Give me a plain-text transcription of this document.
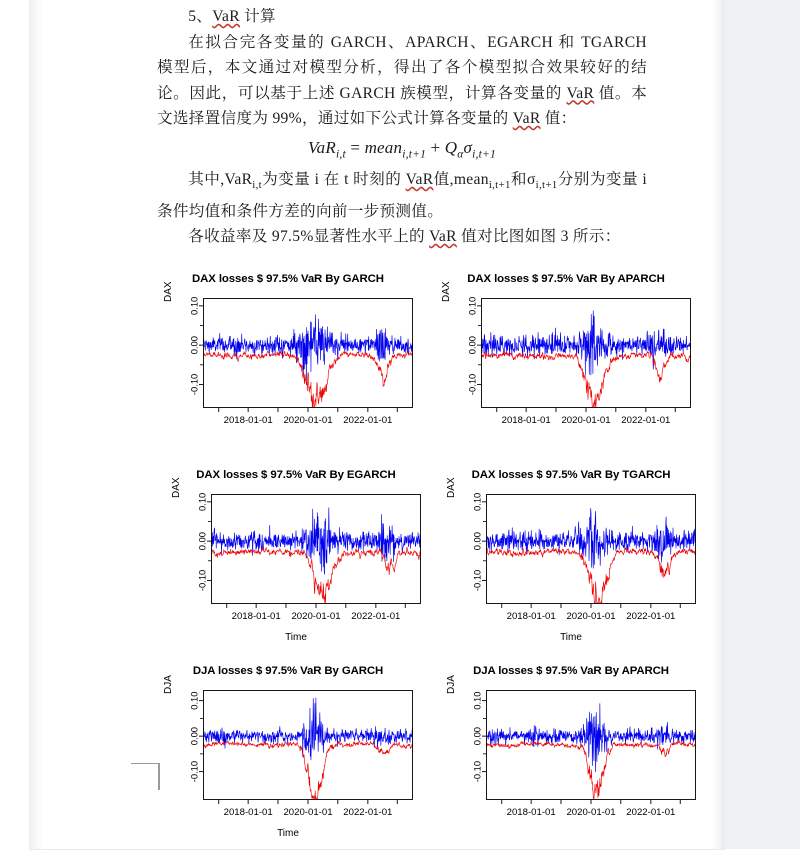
5、VaR 计算

在拟合完各变量的 GARCH、APARCH、EGARCH 和 TGARCH 模型后，本文通过对模型分析，得出了各个模型拟合效果较好的结论。因此，可以基于上述 GARCH 族模型，计算各变量的 VaR 值。本文选择置信度为 99%，通过如下公式计算各变量的 VaR 值：

VaR$_{i,t}$ = mean$_{i,t+1}$ + $Q_\alpha\sigma_{i,t+1}$

其中,VaR$_{i,t}$为变量 i 在 t 时刻的 VaR值,mean$_{i,t+1}$和$\sigma_{i,t+1}$分别为变量 i 条件均值和条件方差的向前一步预测值。

各收益率及 97.5%显著性水平上的 VaR 值对比图如图 3 所示：

DAX losses $ 97.5% VaR By GARCH
-0.10
0.00
0.10
2018-01-01 2020-01-01 2022-01-01
DAX
DAX losses $ 97.5% VaR By APARCH
-0.10
0.00
0.10
2018-01-01 2020-01-01 2022-01-01
DAX
DAX losses $ 97.5% VaR By EGARCH
-0.10
0.00
0.10
2018-01-01 2020-01-01 2022-01-01
DAX
Time
DAX losses $ 97.5% VaR By TGARCH
-0.10
0.00
0.10
2018-01-01 2020-01-01 2022-01-01
DAX
Time
DJA losses $ 97.5% VaR By GARCH
-0.10
0.00
0.10
2018-01-01 2020-01-01 2022-01-01
DJA
Time
DJA losses $ 97.5% VaR By APARCH
-0.10
0.00
0.10
2018-01-01 2020-01-01 2022-01-01
DJA
